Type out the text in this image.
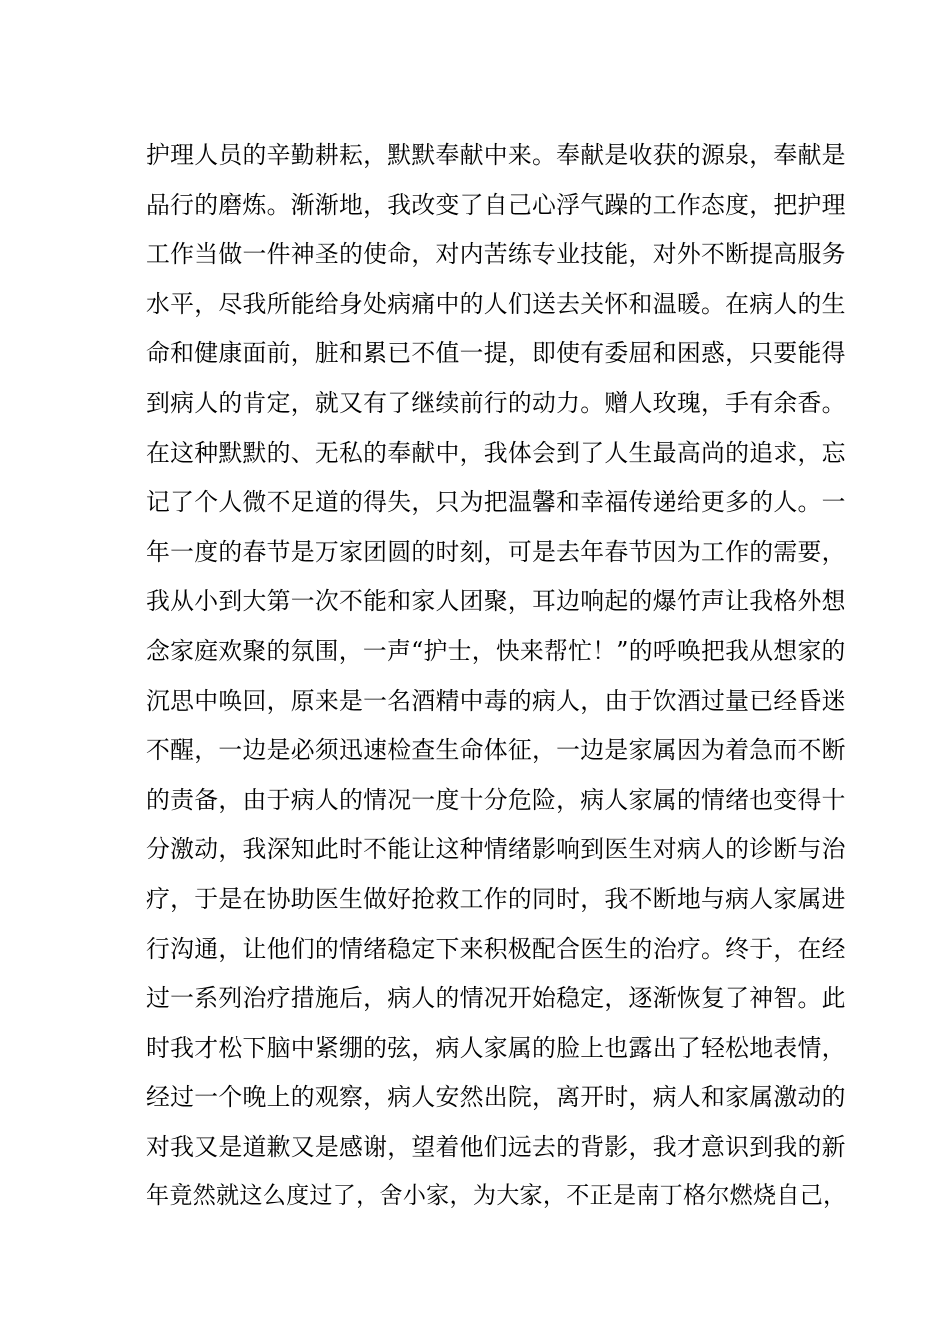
护理人员的辛勤耕耘，默默奉献中来。奉献是收获的源泉，奉献是
品行的磨炼。渐渐地，我改变了自己心浮气躁的工作态度，把护理
工作当做一件神圣的使命，对内苦练专业技能，对外不断提高服务
水平，尽我所能给身处病痛中的人们送去关怀和温暖。在病人的生
命和健康面前，脏和累已不值一提，即使有委屈和困惑，只要能得
到病人的肯定，就又有了继续前行的动力。赠人玫瑰，手有余香。
在这种默默的、无私的奉献中，我体会到了人生最高尚的追求，忘
记了个人微不足道的得失，只为把温馨和幸福传递给更多的人。一
年一度的春节是万家团圆的时刻，可是去年春节因为工作的需要，
我从小到大第一次不能和家人团聚，耳边响起的爆竹声让我格外想
念家庭欢聚的氛围，一声“护士，快来帮忙！”的呼唤把我从想家的
沉思中唤回，原来是一名酒精中毒的病人，由于饮酒过量已经昏迷
不醒，一边是必须迅速检查生命体征，一边是家属因为着急而不断
的责备，由于病人的情况一度十分危险，病人家属的情绪也变得十
分激动，我深知此时不能让这种情绪影响到医生对病人的诊断与治
疗，于是在协助医生做好抢救工作的同时，我不断地与病人家属进
行沟通，让他们的情绪稳定下来积极配合医生的治疗。终于，在经
过一系列治疗措施后，病人的情况开始稳定，逐渐恢复了神智。此
时我才松下脑中紧绷的弦，病人家属的脸上也露出了轻松地表情，
经过一个晚上的观察，病人安然出院，离开时，病人和家属激动的
对我又是道歉又是感谢，望着他们远去的背影，我才意识到我的新
年竟然就这么度过了，舍小家，为大家，不正是南丁格尔燃烧自己，
